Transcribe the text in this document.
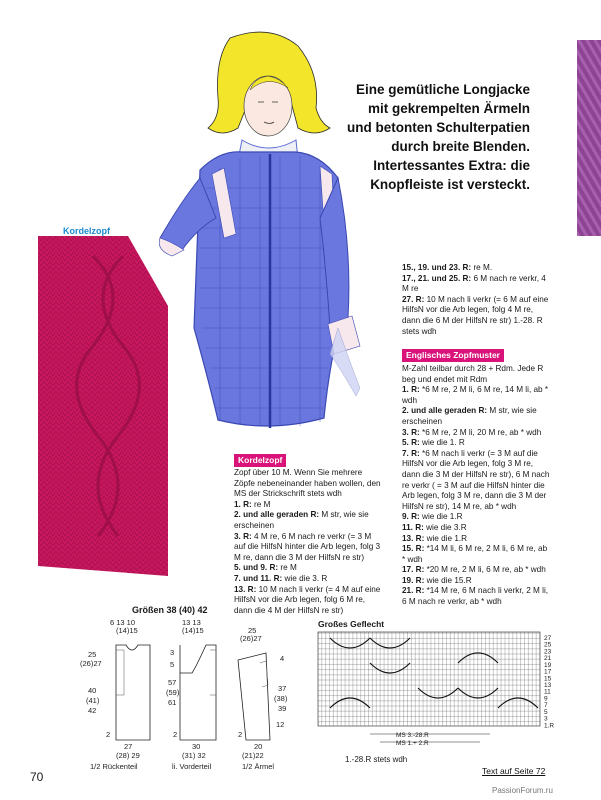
Eine gemütliche Longjacke
mit gekrempelten Ärmeln
und betonten Schulterpatien
durch breite Blenden.
Intertessantes Extra: die
Knopfleiste ist versteckt.
Kordelzopf

15., 19. und 23. R: re M.

17., 21. und 25. R: 6 M nach re verkr, 4 M re

27. R: 10 M nach li verkr (= 6 M auf eine HilfsN vor die Arb legen, folg 4 M re, dann die 6 M der HilfsN re str) 1.-28. R stets wdh

Englisches Zopfmuster

M-Zahl teilbar durch 28 + Rdm. Jede R beg und endet mit Rdm

1. R: *6 M re, 2 M li, 6 M re, 14 M li, ab * wdh

2. und alle geraden R: M str, wie sie erscheinen

3. R: *6 M re, 2 M li, 20 M re, ab * wdh

5. R: wie die 1. R

7. R: *6 M nach li verkr (= 3 M auf die HilfsN vor die Arb legen, folg 3 M re, dann die 3 M der HilfsN re str), 6 M nach re verkr ( = 3 M auf die HilfsN hinter die Arb legen, folg 3 M re, dann die 3 M der HilfsN re str), 14 M re, ab * wdh

9. R: wie die 1.R

11. R: wie die 3.R

13. R: wie die 1.R

15. R: *14 M li, 6 M re, 2 M li, 6 M re, ab * wdh

17. R: *20 M re, 2 M li, 6 M re, ab * wdh

19. R: wie die 15.R

21. R: *14 M re, 6 M nach li verkr, 2 M li, 6 M nach re verkr, ab * wdh

Kordelzopf

Zopf über 10 M. Wenn Sie mehrere Zöpfe nebeneinander haben wollen, den MS der Strickschrift stets wdh

1. R: re M

2. und alle geraden R: M str, wie sie erscheinen

3. R: 4 M re, 6 M nach re verkr (= 3 M auf die HilfsN hinter die Arb legen, folg 3 M re, dann die 3 M der HilfsN re str)

5. und 9. R: re M

7. und 11. R: wie die 3. R

13. R: 10 M nach li verkr (= 4 M auf eine HilfsN vor die Arb legen, folg 6 M re, dann die 4 M der HilfsN re str)

Größen 38 (40) 42
6 13 10
(14)15
25
(26)27
40
(41)
42
2
27
(28) 29
1/2 Rückenteil
13 13
(14)15
3
5
57
(59)
61
2
30
(31) 32
li. Vorderteil
25
(26)27
4
37
(38)
39
12
2
20
(21)22
1/2 Ärmel
Großes Geflecht
27
25
23
21
19
17
15
13
11
9
7
5
3
1.R
MS 3.-28.R
MS 1.+ 2.R
1.-28.R stets wdh
70	Text auf Seite 72
PassionForum.ru
